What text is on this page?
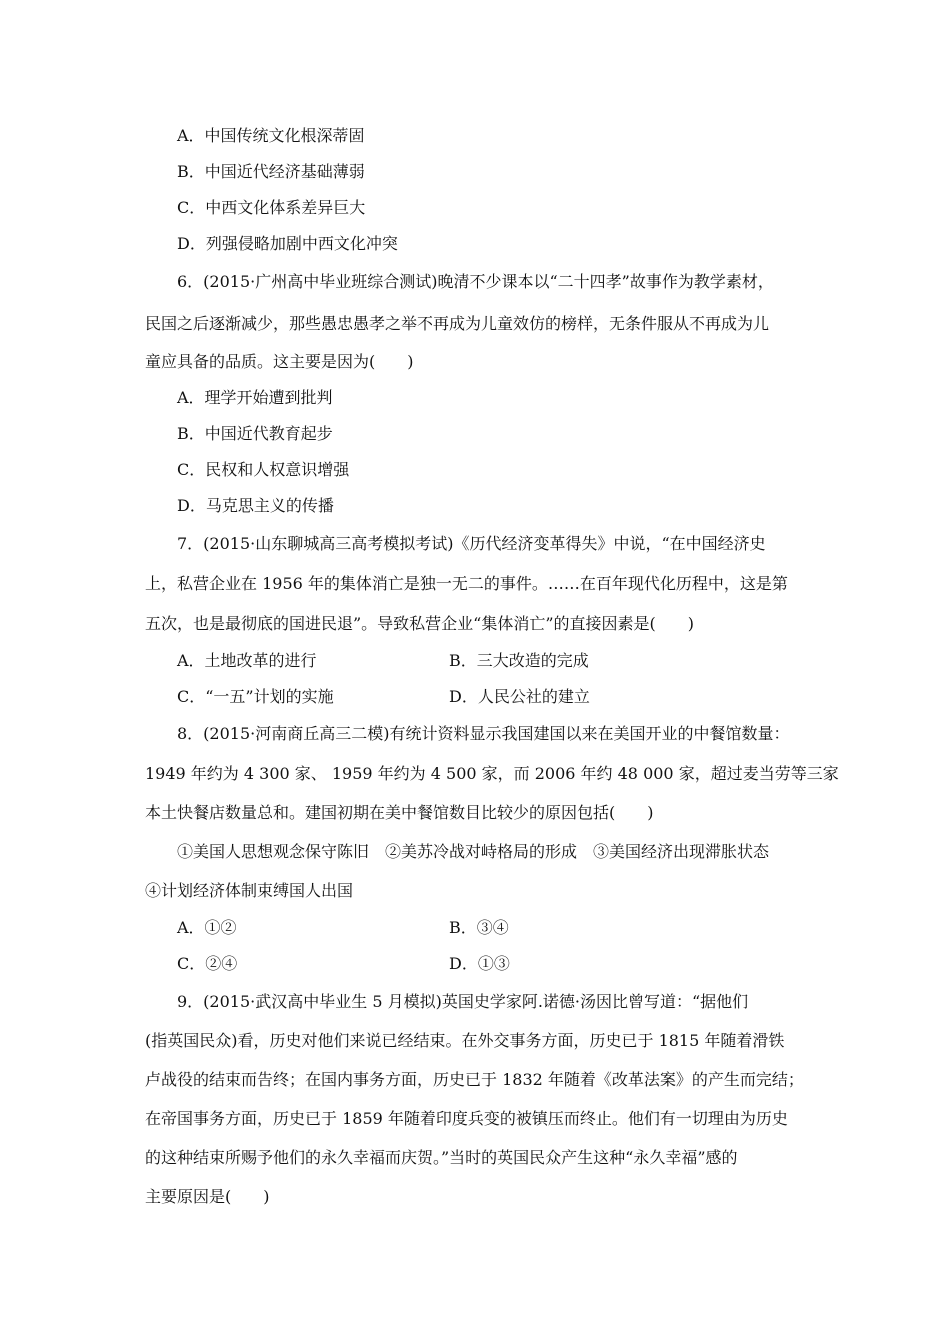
A．中国传统文化根深蒂固
B．中国近代经济基础薄弱
C．中西文化体系差异巨大
D．列强侵略加剧中西文化冲突
6．(2015·广州高中毕业班综合测试)晚清不少课本以“二十四孝”故事作为教学素材，
民国之后逐渐减少，那些愚忠愚孝之举不再成为儿童效仿的榜样，无条件服从不再成为儿
童应具备的品质。这主要是因为(　　)
A．理学开始遭到批判
B．中国近代教育起步
C．民权和人权意识增强
D．马克思主义的传播
7．(2015·山东聊城高三高考模拟考试)《历代经济变革得失》中说，“在中国经济史
上，私营企业在 1956 年的集体消亡是独一无二的事件。……在百年现代化历程中，这是第
五次，也是最彻底的国进民退”。导致私营企业“集体消亡”的直接因素是(　　)
A．土地改革的进行	B．三大改造的完成
C．“一五”计划的实施	D．人民公社的建立
8．(2015·河南商丘高三二模)有统计资料显示我国建国以来在美国开业的中餐馆数量：
1949 年约为 4 300 家、 1959 年约为 4 500 家，而 2006 年约 48 000 家，超过麦当劳等三家
本土快餐店数量总和。建国初期在美中餐馆数目比较少的原因包括(　　)
①美国人思想观念保守陈旧　②美苏冷战对峙格局的形成　③美国经济出现滞胀状态
④计划经济体制束缚国人出国
A．①②	B．③④
C．②④	D．①③
9．(2015·武汉高中毕业生 5 月模拟)英国史学家阿.诺德·汤因比曾写道：“据他们
(指英国民众)看，历史对他们来说已经结束。在外交事务方面，历史已于 1815 年随着滑铁
卢战役的结束而告终；在国内事务方面，历史已于 1832 年随着《改革法案》的产生而完结；
在帝国事务方面，历史已于 1859 年随着印度兵变的被镇压而终止。他们有一切理由为历史
的这种结束所赐予他们的永久幸福而庆贺。”当时的英国民众产生这种“永久幸福”感的
主要原因是(　　)
